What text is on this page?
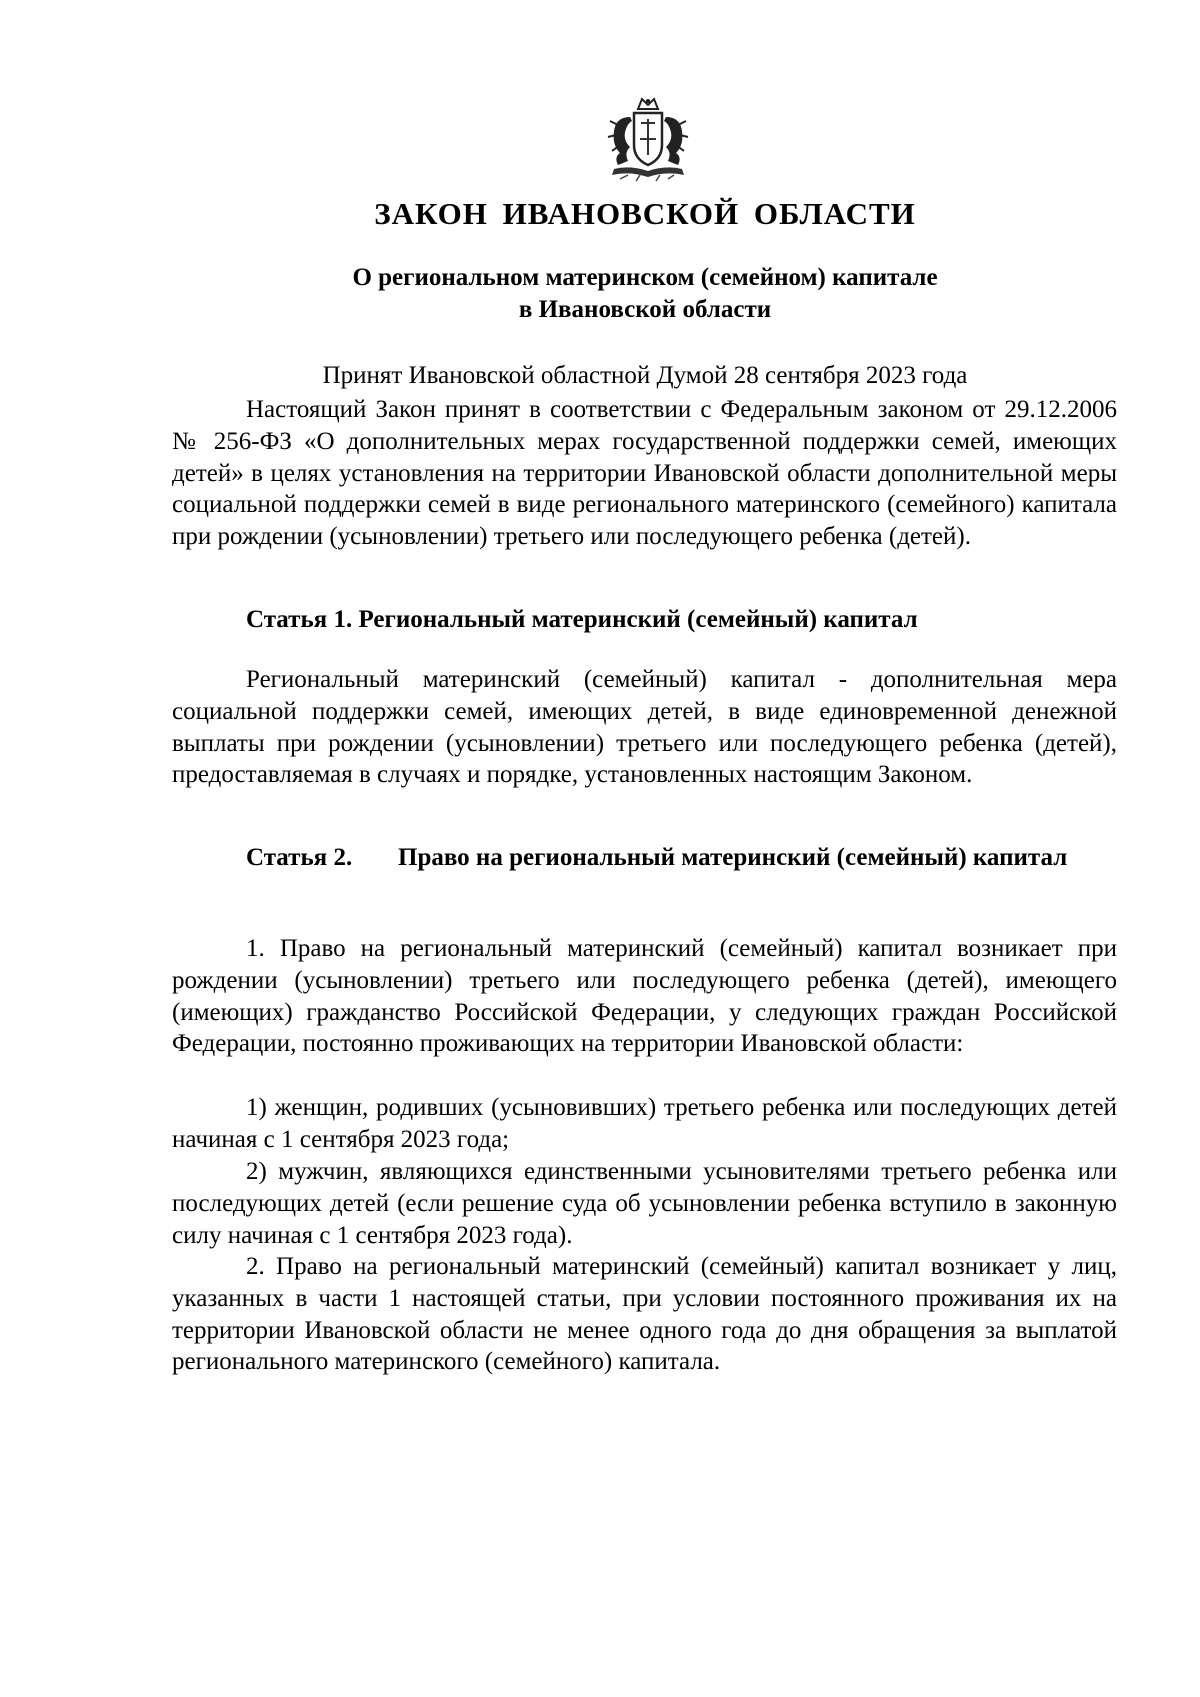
ЗАКОН ИВАНОВСКОЙ ОБЛАСТИ
О региональном материнском (семейном) капитале
в Ивановской области
Принят Ивановской областной Думой 28 сентября 2023 года

Настоящий Закон принят в соответствии с Федеральным законом от 29.12.2006 № 256-ФЗ «О дополнительных мерах государственной поддержки семей, имеющих детей» в целях установления на территории Ивановской области дополнительной меры социальной поддержки семей в виде регионального материнского (семейного) капитала при рождении (усыновлении) третьего или последующего ребенка (детей).

Статья 1. Региональный материнский (семейный) капитал

Региональный материнский (семейный) капитал - дополнительная мера социальной поддержки семей, имеющих детей, в виде единовременной денежной выплаты при рождении (усыновлении) третьего или последующего ребенка (детей), предоставляемая в случаях и порядке, установленных настоящим Законом.

Статья 2. Право на региональный материнский (семейный) капитал

1. Право на региональный материнский (семейный) капитал возникает при рождении (усыновлении) третьего или последующего ребенка (детей), имеющего (имеющих) гражданство Российской Федерации, у следующих граждан Российской Федерации, постоянно проживающих на территории Ивановской области:

1) женщин, родивших (усыновивших) третьего ребенка или последующих детей начиная с 1 сентября 2023 года;

2) мужчин, являющихся единственными усыновителями третьего ребенка или последующих детей (если решение суда об усыновлении ребенка вступило в законную силу начиная с 1 сентября 2023 года).

2. Право на региональный материнский (семейный) капитал возникает у лиц, указанных в части 1 настоящей статьи, при условии постоянного проживания их на территории Ивановской области не менее одного года до дня обращения за выплатой регионального материнского (семейного) капитала.
